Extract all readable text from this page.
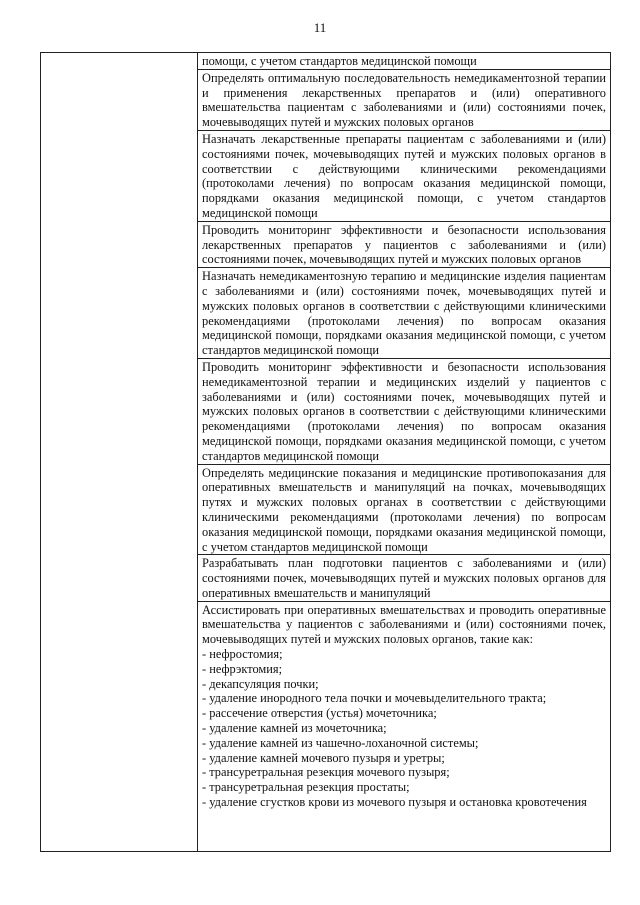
11
помощи, с учетом стандартов медицинской помощи
Определять оптимальную последовательность немедикаментозной терапии и применения лекарственных препаратов и (или) оперативного вмешательства пациентам с заболеваниями и (или) состояниями почек, мочевыводящих путей и мужских половых органов
Назначать лекарственные препараты пациентам с заболеваниями и (или) состояниями почек, мочевыводящих путей и мужских половых органов в соответствии с действующими клиническими рекомендациями (протоколами лечения) по вопросам оказания медицинской помощи, порядками оказания медицинской помощи, с учетом стандартов медицинской помощи
Проводить мониторинг эффективности и безопасности использования лекарственных препаратов у пациентов с заболеваниями и (или) состояниями почек, мочевыводящих путей и мужских половых органов
Назначать немедикаментозную терапию и медицинские изделия пациентам с заболеваниями и (или) состояниями почек, мочевыводящих путей и мужских половых органов в соответствии с действующими клиническими рекомендациями (протоколами лечения) по вопросам оказания медицинской помощи, порядками оказания медицинской помощи, с учетом стандартов медицинской помощи
Проводить мониторинг эффективности и безопасности использования немедикаментозной терапии и медицинских изделий у пациентов с заболеваниями и (или) состояниями почек, мочевыводящих путей и мужских половых органов в соответствии с действующими клиническими рекомендациями (протоколами лечения) по вопросам оказания медицинской помощи, порядками оказания медицинской помощи, с учетом стандартов медицинской помощи
Определять медицинские показания и медицинские противопоказания для оперативных вмешательств и манипуляций на почках, мочевыводящих путях и мужских половых органах в соответствии с действующими клиническими рекомендациями (протоколами лечения) по вопросам оказания медицинской помощи, порядками оказания медицинской помощи, с учетом стандартов медицинской помощи
Разрабатывать план подготовки пациентов с заболеваниями и (или) состояниями почек, мочевыводящих путей и мужских половых органов для оперативных вмешательств и манипуляций
Ассистировать при оперативных вмешательствах и проводить оперативные вмешательства у пациентов с заболеваниями и (или) состояниями почек, мочевыводящих путей и мужских половых органов, такие как:
- нефростомия;
- нефрэктомия;
- декапсуляция почки;
- удаление инородного тела почки и мочевыделительного тракта;
- рассечение отверстия (устья) мочеточника;
- удаление камней из мочеточника;
- удаление камней из чашечно-лоханочной системы;
- удаление камней мочевого пузыря и уретры;
- трансуретральная резекция мочевого пузыря;
- трансуретральная резекция простаты;
- удаление сгустков крови из мочевого пузыря и остановка кровотечения
